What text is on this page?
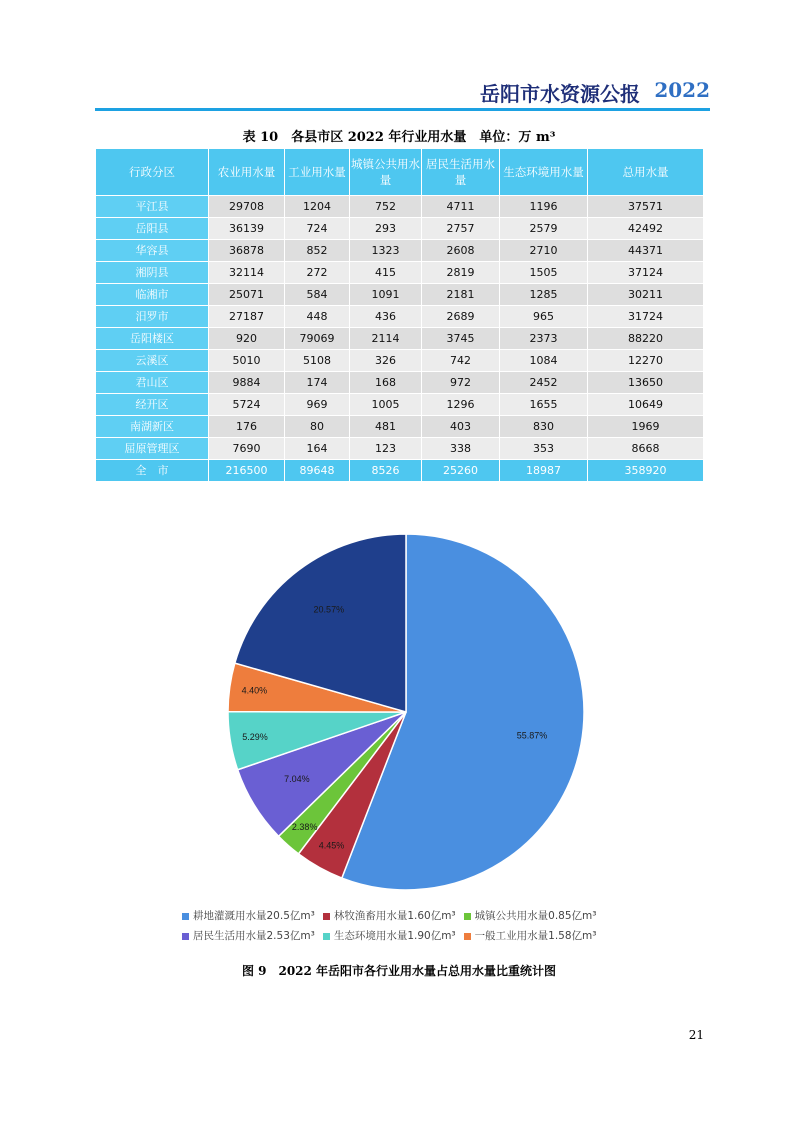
岳阳市水资源公报 2022
表 10　各县市区 2022 年行业用水量　单位：万 m³
行政分区	农业用水量	工业用水量	城镇公共用水量	居民生活用水量	生态环境用水量	总用水量
平江县	29708	1204	752	4711	1196	37571
岳阳县	36139	724	293	2757	2579	42492
华容县	36878	852	1323	2608	2710	44371
湘阴县	32114	272	415	2819	1505	37124
临湘市	25071	584	1091	2181	1285	30211
汨罗市	27187	448	436	2689	965	31724
岳阳楼区	920	79069	2114	3745	2373	88220
云溪区	5010	5108	326	742	1084	12270
君山区	9884	174	168	972	2452	13650
经开区	5724	969	1005	1296	1655	10649
南湖新区	176	80	481	403	830	1969
屈原管理区	7690	164	123	338	353	8668
全　市	216500	89648	8526	25260	18987	358920
55.87%
4.45%
2.38%
7.04%
5.29%
4.40%
20.57%
耕地灌溉用水量20.5亿m³ 林牧渔畜用水量1.60亿m³ 城镇公共用水量0.85亿m³
居民生活用水量2.53亿m³ 生态环境用水量1.90亿m³ 一般工业用水量1.58亿m³
图 9　2022 年岳阳市各行业用水量占总用水量比重统计图
21
